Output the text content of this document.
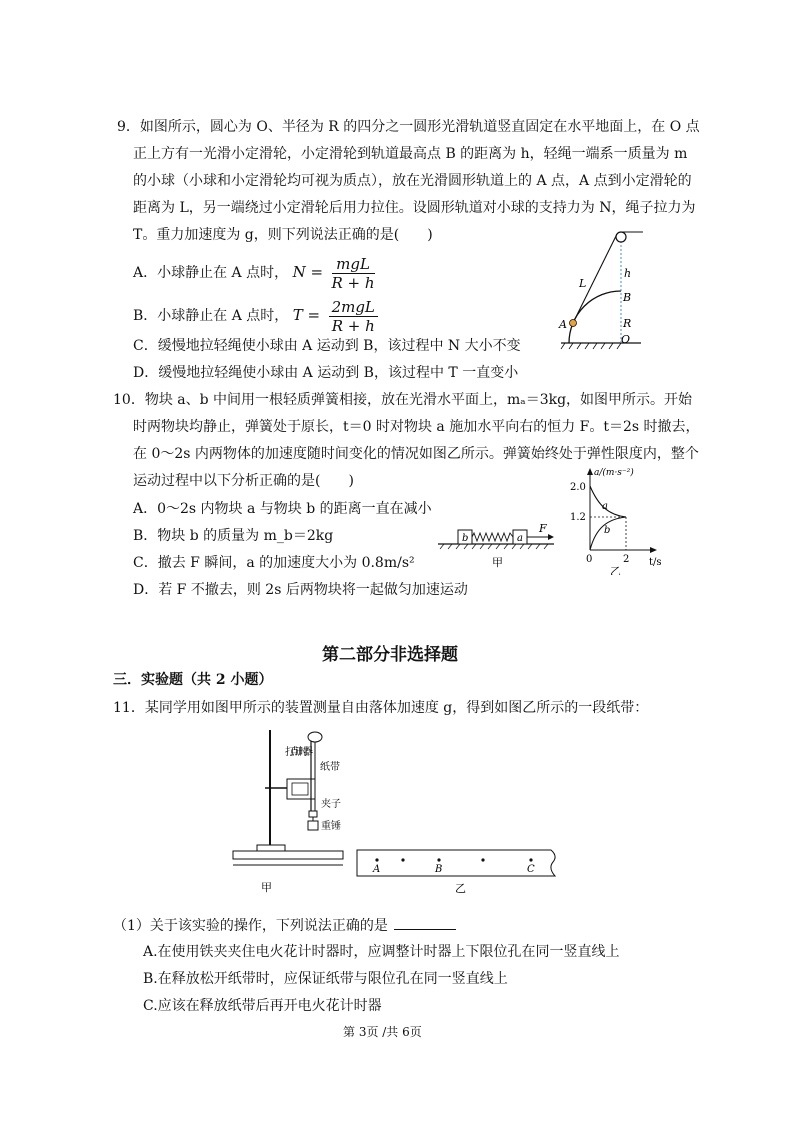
9．如图所示，圆心为 O、半径为 R 的四分之一圆形光滑轨道竖直固定在水平地面上，在 O 点
正上方有一光滑小定滑轮，小定滑轮到轨道最高点 B 的距离为 h，轻绳一端系一质量为 m
的小球（小球和小定滑轮均可视为质点），放在光滑圆形轨道上的 A 点，A 点到小定滑轮的
距离为 L，另一端绕过小定滑轮后用力拉住。设圆形轨道对小球的支持力为 N，绳子拉力为
T。重力加速度为 g，则下列说法正确的是(　　)
A．小球静止在 A 点时， $N = \frac{\text{mgL}}{R + h}$
B．小球静止在 A 点时， $T = \frac{\text{2mgL}}{R + h}$
C．缓慢地拉轻绳使小球由 A 运动到 B，该过程中 N 大小不变
D．缓慢地拉轻绳使小球由 A 运动到 B，该过程中 T 一直变小
L
h
B
A	R
O
10．物块 a、b 中间用一根轻质弹簧相接，放在光滑水平面上，mₐ＝3kg，如图甲所示。开始
时两物块均静止，弹簧处于原长，t＝0 时对物块 a 施加水平向右的恒力 F。t＝2s 时撤去，
在 0～2s 内两物体的加速度随时间变化的情况如图乙所示。弹簧始终处于弹性限度内，整个
运动过程中以下分析正确的是(　　)
A．0～2s 内物块 a 与物块 b 的距离一直在减小
B．物块 b 的质量为 m_b＝2kg
C．撤去 F 瞬间，a 的加速度大小为 0.8m/s²
D．若 F 不撤去，则 2s 后两物块将一起做匀加速运动
b	a
F
甲
a/(m·s⁻²)
t/s
2.0
1.2
0	2
a
b
乙
第二部分非选择题
三．实验题（共 2 小题）
11．某同学用如图甲所示的装置测量自由落体加速度 g，得到如图乙所示的一段纸带：
打点计时器
纸带
夹子
重锤
甲
A	B	C
乙
（1）关于该实验的操作，下列说法正确的是
A.在使用铁夹夹住电火花计时器时，应调整计时器上下限位孔在同一竖直线上
B.在释放松开纸带时，应保证纸带与限位孔在同一竖直线上
C.应该在释放纸带后再开电火花计时器
第 3页 /共 6页
